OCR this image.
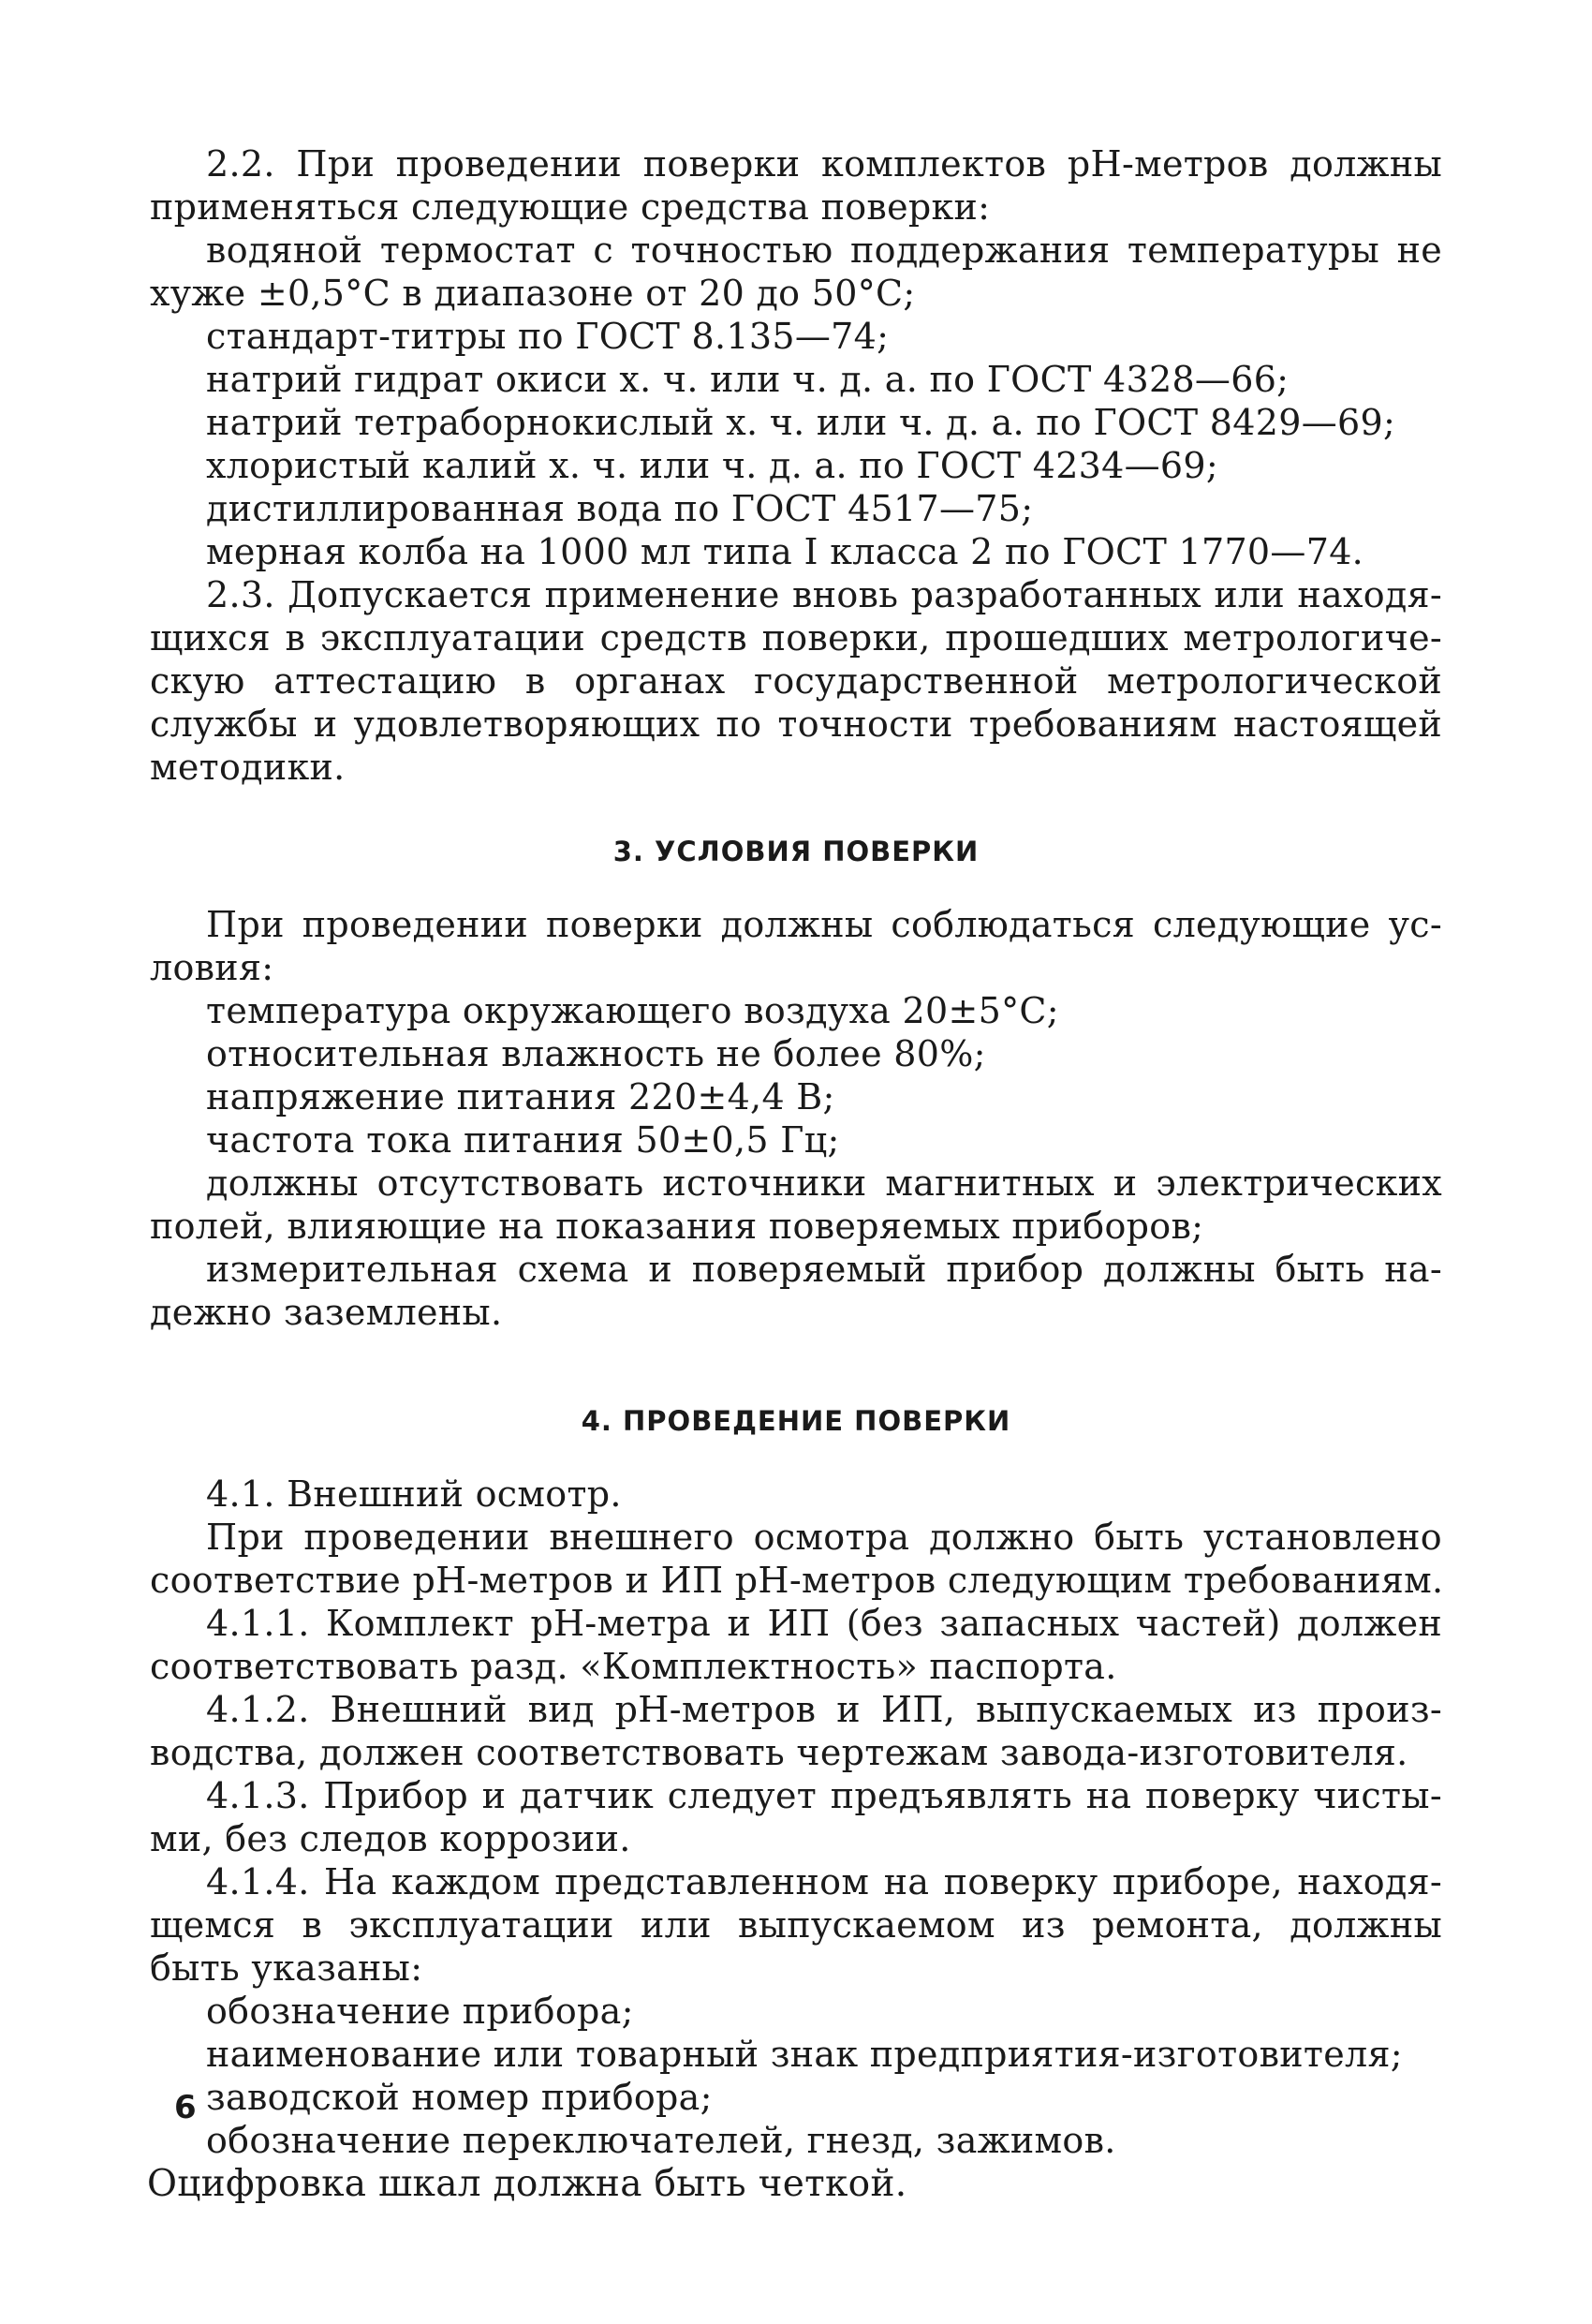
2.2. При проведении поверки комплектов pH-метров должны
применяться следующие средства поверки:
водяной термостат с точностью поддержания температуры не
хуже ±0,5°С в диапазоне от 20 до 50°С;
стандарт-титры по ГОСТ 8.135—74;
натрий гидрат окиси х. ч. или ч. д. а. по ГОСТ 4328—66;
натрий тетраборнокислый х. ч. или ч. д. а. по ГОСТ 8429—69;
хлористый калий х. ч. или ч. д. а. по ГОСТ 4234—69;
дистиллированная вода по ГОСТ 4517—75;
мерная колба на 1000 мл типа I класса 2 по ГОСТ 1770—74.
2.3. Допускается применение вновь разработанных или находя-
щихся в эксплуатации средств поверки, прошедших метрологиче-
скую аттестацию в органах государственной метрологической
службы и удовлетворяющих по точности требованиям настоящей
методики.
3. УСЛОВИЯ ПОВЕРКИ
При проведении поверки должны соблюдаться следующие ус-
ловия:
температура окружающего воздуха 20±5°С;
относительная влажность не более 80%;
напряжение питания 220±4,4 В;
частота тока питания 50±0,5 Гц;
должны отсутствовать источники магнитных и электрических
полей, влияющие на показания поверяемых приборов;
измерительная схема и поверяемый прибор должны быть на-
дежно заземлены.
4. ПРОВЕДЕНИЕ ПОВЕРКИ
4.1. Внешний осмотр.
При проведении внешнего осмотра должно быть установлено
соответствие pH-метров и ИП pH-метров следующим требованиям.
4.1.1. Комплект pH-метра и ИП (без запасных частей) должен
соответствовать разд. «Комплектность» паспорта.
4.1.2. Внешний вид pH-метров и ИП, выпускаемых из произ-
водства, должен соответствовать чертежам завода-изготовителя.
4.1.3. Прибор и датчик следует предъявлять на поверку чисты-
ми, без следов коррозии.
4.1.4. На каждом представленном на поверку приборе, находя-
щемся в эксплуатации или выпускаемом из ремонта, должны
быть указаны:
обозначение прибора;
наименование или товарный знак предприятия-изготовителя;
заводской номер прибора;
обозначение переключателей, гнезд, зажимов.
Оцифровка шкал должна быть четкой.
6
